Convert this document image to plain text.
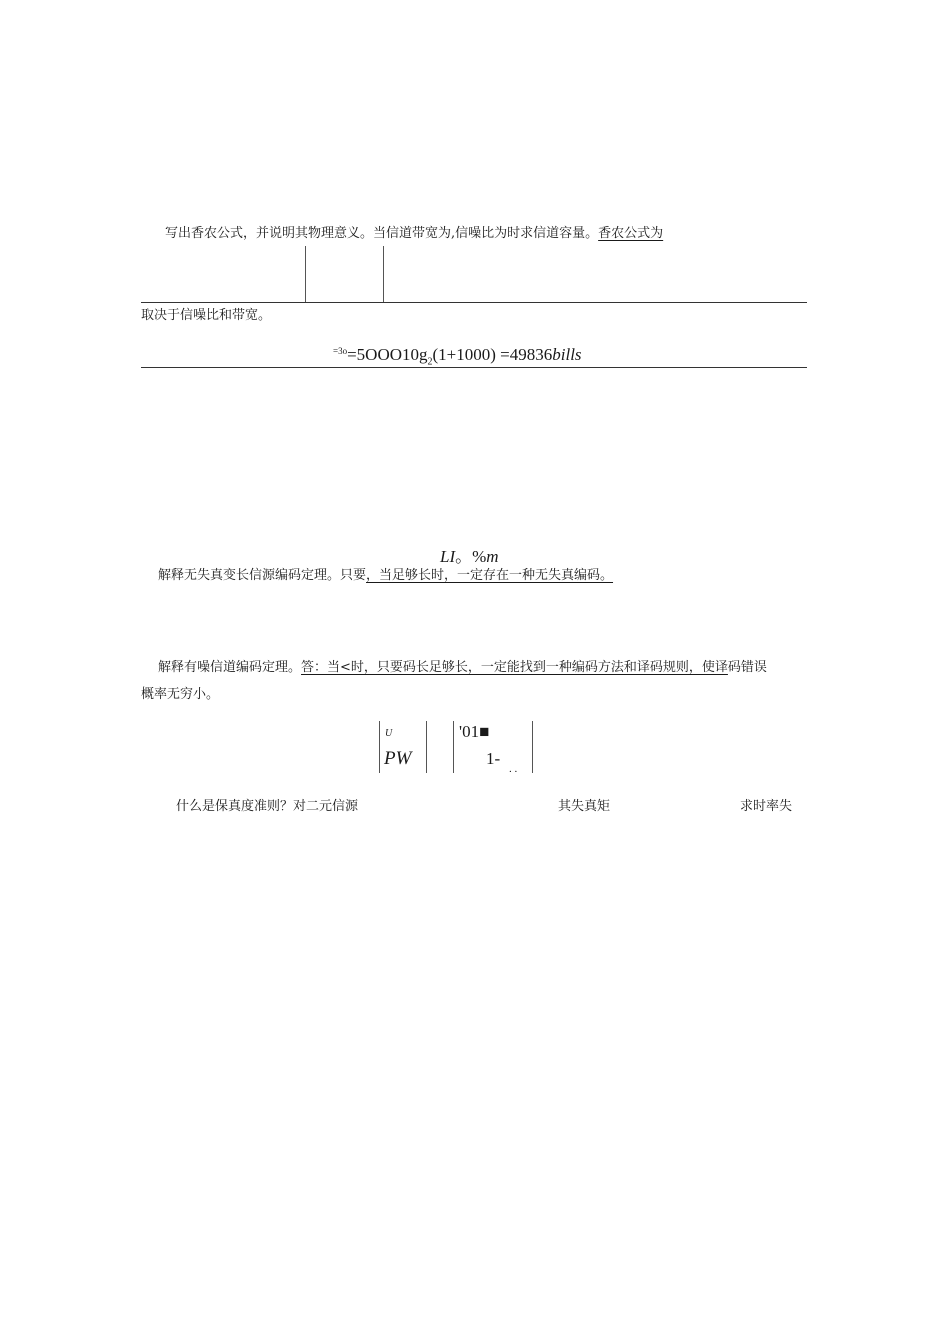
写出香农公式，并说明其物理意义。当信道带宽为,信噪比为时求信道容量。香农公式为
取决于信噪比和带宽。
$^{=3o}=5OOO10g_2(1+1000)$ =49836bills
LI。%m
解释无失真变长信源编码定理。只要，当足够长时，一定存在一种无失真编码。
解释有噪信道编码定理。答：当<时，只要码长足够长，一定能找到一种编码方法和译码规则，使译码错误
概率无穷小。
U
PW
'01■
1-
. .
什么是保真度准则？对二元信源	其失真矩	求时率失
